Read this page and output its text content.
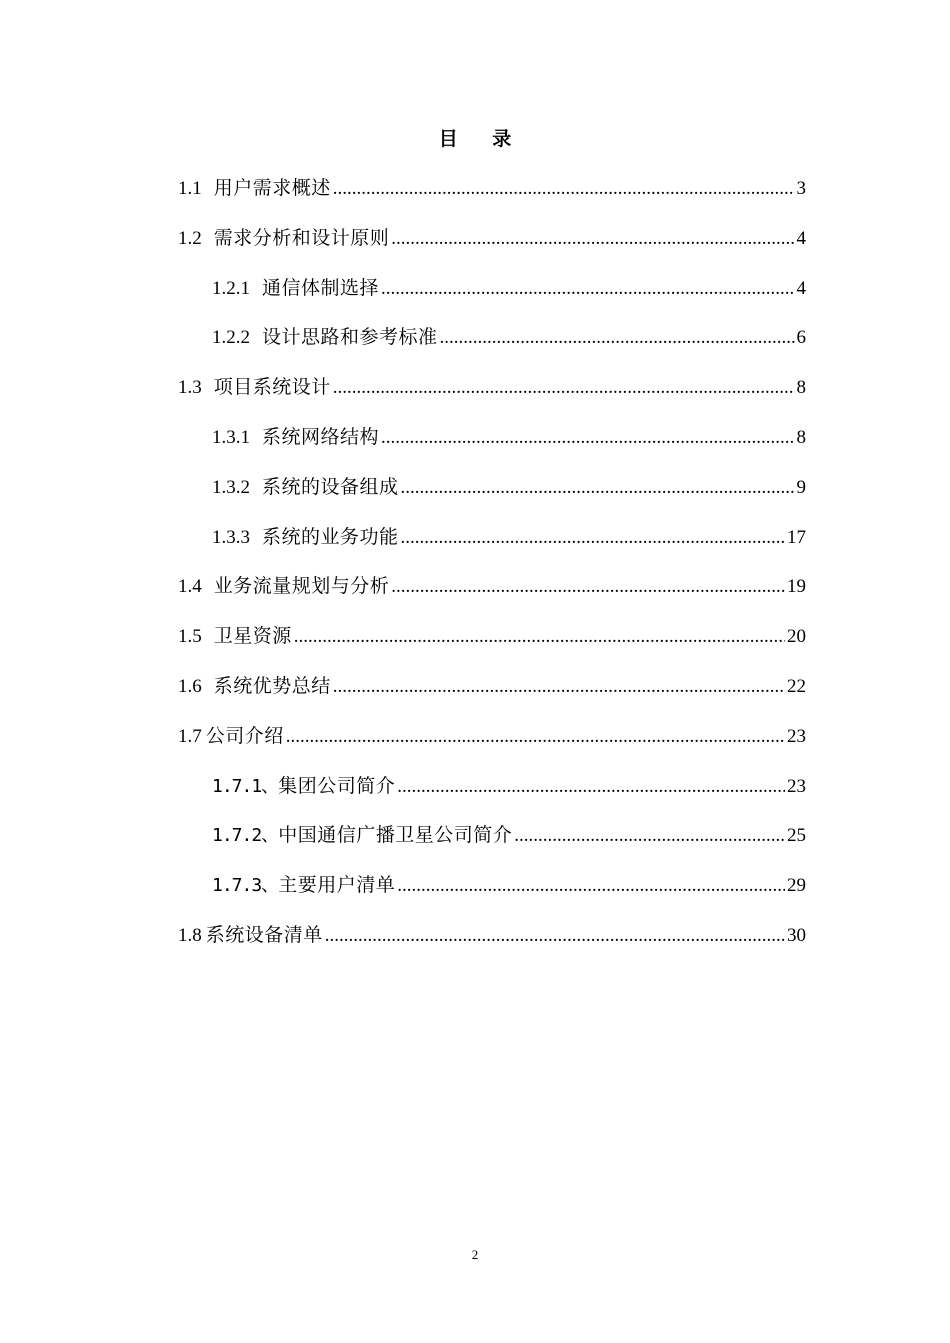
目 录
1.1 用户需求概述 .....	3
1.2 需求分析和设计原则 .....	4
1.2.1 通信体制选择 .....	4
1.2.2 设计思路和参考标准 .....	6
1.3 项目系统设计 .....	8
1.3.1 系统网络结构 .....	8
1.3.2 系统的设备组成 .....	9
1.3.3 系统的业务功能 .....	17
1.4 业务流量规划与分析 .....	19
1.5 卫星资源 .....	20
1.6 系统优势总结 .....	22
1.7 公司介绍 .....	23
1.7.1、 集团公司简介 .....	23
1.7.2、 中国通信广播卫星公司简介 .....	25
1.7.3、 主要用户清单 .....	29
1.8 系统设备清单 .....	30
2
